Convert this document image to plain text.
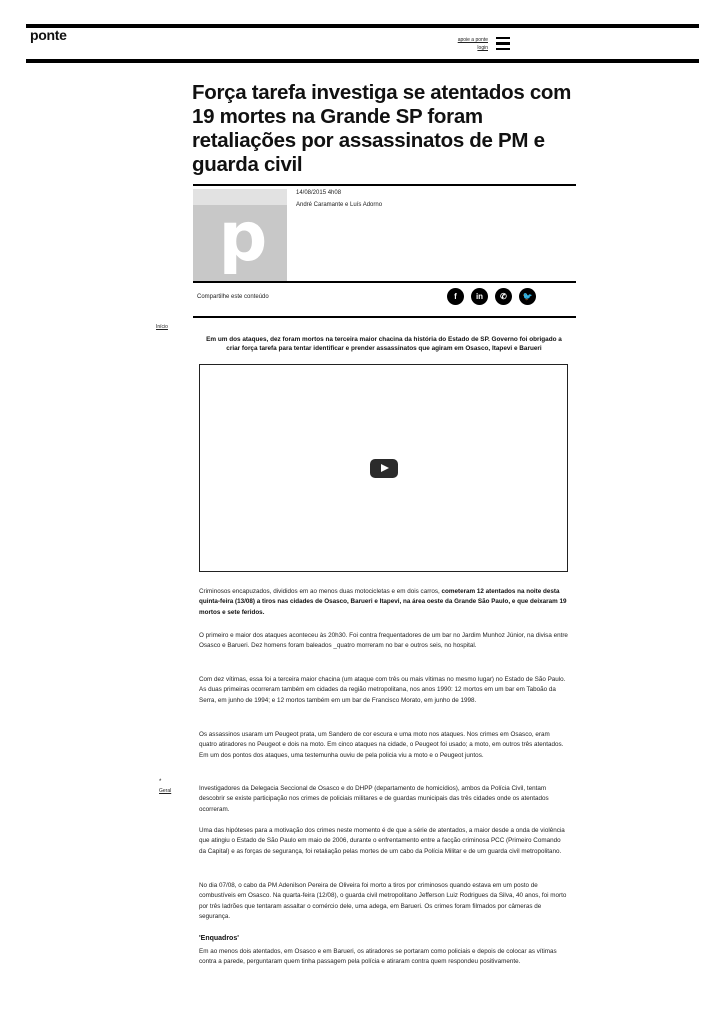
ponte	apoie a ponte
login
Força tarefa investiga se atentados com 19 mortes na Grande SP foram retaliações por assassinatos de PM e guarda civil
p
14/08/2015 4h08
André Caramante e Luís Adorno
Compartilhe este conteúdo	f	in	✆	🐦
Início
*
Geral
Em um dos ataques, dez foram mortos na terceira maior chacina da história do Estado de SP. Governo foi obrigado a criar força tarefa para tentar identificar e prender assassinatos que agiram em Osasco, Itapevi e Barueri

Criminosos encapuzados, divididos em ao menos duas motocicletas e em dois carros, cometeram 12 atentados na noite desta quinta-feira (13/08) a tiros nas cidades de Osasco, Barueri e Itapevi, na área oeste da Grande São Paulo, e que deixaram 19 mortos e sete feridos.

O primeiro e maior dos ataques aconteceu às 20h30. Foi contra frequentadores de um bar no Jardim Munhoz Júnior, na divisa entre Osasco e Barueri. Dez homens foram baleados _quatro morreram no bar e outros seis, no hospital.

Com dez vítimas, essa foi a terceira maior chacina (um ataque com três ou mais vítimas no mesmo lugar) no Estado de São Paulo. As duas primeiras ocorreram também em cidades da região metropolitana, nos anos 1990: 12 mortos em um bar em Taboão da Serra, em junho de 1994; e 12 mortos também em um bar de Francisco Morato, em junho de 1998.

Os assassinos usaram um Peugeot prata, um Sandero de cor escura e uma moto nos ataques. Nos crimes em Osasco, eram quatro atiradores no Peugeot e dois na moto. Em cinco ataques na cidade, o Peugeot foi usado; a moto, em outros três atentados. Em um dos pontos dos ataques, uma testemunha ouviu de pela policia viu a moto e o Peugeot juntos.

Investigadores da Delegacia Seccional de Osasco e do DHPP (departamento de homicídios), ambos da Polícia Civil, tentam descobrir se existe participação nos crimes de policiais militares e de guardas municipais das três cidades onde os atentados ocorreram.

Uma das hipóteses para a motivação dos crimes neste momento é de que a série de atentados, a maior desde a onda de violência que atingiu o Estado de São Paulo em maio de 2006, durante o enfrentamento entre a facção criminosa PCC (Primeiro Comando da Capital) e as forças de segurança, foi retaliação pelas mortes de um cabo da Polícia Militar e de um guarda civil metropolitano.

No dia 07/08, o cabo da PM Adenilson Pereira de Oliveira foi morto a tiros por criminosos quando estava em um posto de combustíveis em Osasco. Na quarta-feira (12/08), o guarda civil metropolitano Jefferson Luiz Rodrigues da Silva, 40 anos, foi morto por três ladrões que tentaram assaltar o comércio dele, uma adega, em Barueri. Os crimes foram filmados por câmeras de segurança.

'Enquadros'

Em ao menos dois atentados, em Osasco e em Barueri, os atiradores se portaram como policiais e depois de colocar as vítimas contra a parede, perguntaram quem tinha passagem pela polícia e atiraram contra quem respondeu positivamente.
